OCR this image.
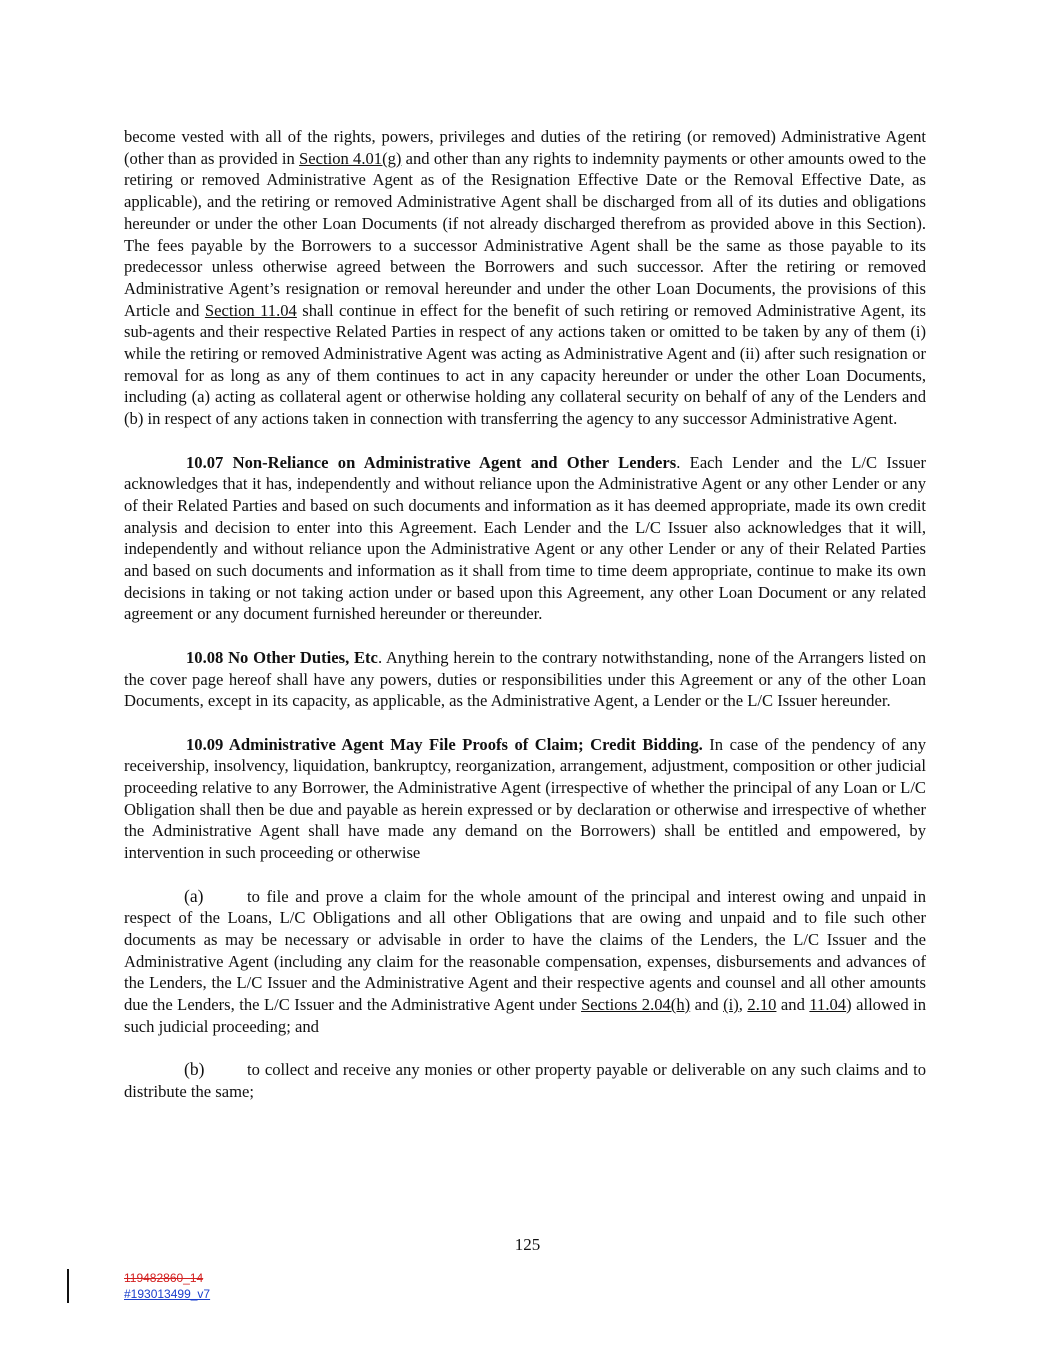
become vested with all of the rights, powers, privileges and duties of the retiring (or removed) Administrative Agent (other than as provided in Section 4.01(g) and other than any rights to indemnity payments or other amounts owed to the retiring or removed Administrative Agent as of the Resignation Effective Date or the Removal Effective Date, as applicable), and the retiring or removed Administrative Agent shall be discharged from all of its duties and obligations hereunder or under the other Loan Documents (if not already discharged therefrom as provided above in this Section). The fees payable by the Borrowers to a successor Administrative Agent shall be the same as those payable to its predecessor unless otherwise agreed between the Borrowers and such successor. After the retiring or removed Administrative Agent’s resignation or removal hereunder and under the other Loan Documents, the provisions of this Article and Section 11.04 shall continue in effect for the benefit of such retiring or removed Administrative Agent, its sub-agents and their respective Related Parties in respect of any actions taken or omitted to be taken by any of them (i) while the retiring or removed Administrative Agent was acting as Administrative Agent and (ii) after such resignation or removal for as long as any of them continues to act in any capacity hereunder or under the other Loan Documents, including (a) acting as collateral agent or otherwise holding any collateral security on behalf of any of the Lenders and (b) in respect of any actions taken in connection with transferring the agency to any successor Administrative Agent.

10.07 Non-Reliance on Administrative Agent and Other Lenders. Each Lender and the L/C Issuer acknowledges that it has, independently and without reliance upon the Administrative Agent or any other Lender or any of their Related Parties and based on such documents and information as it has deemed appropriate, made its own credit analysis and decision to enter into this Agreement. Each Lender and the L/C Issuer also acknowledges that it will, independently and without reliance upon the Administrative Agent or any other Lender or any of their Related Parties and based on such documents and information as it shall from time to time deem appropriate, continue to make its own decisions in taking or not taking action under or based upon this Agreement, any other Loan Document or any related agreement or any document furnished hereunder or thereunder.

10.08 No Other Duties, Etc. Anything herein to the contrary notwithstanding, none of the Arrangers listed on the cover page hereof shall have any powers, duties or responsibilities under this Agreement or any of the other Loan Documents, except in its capacity, as applicable, as the Administrative Agent, a Lender or the L/C Issuer hereunder.

10.09 Administrative Agent May File Proofs of Claim; Credit Bidding. In case of the pendency of any receivership, insolvency, liquidation, bankruptcy, reorganization, arrangement, adjustment, composition or other judicial proceeding relative to any Borrower, the Administrative Agent (irrespective of whether the principal of any Loan or L/C Obligation shall then be due and payable as herein expressed or by declaration or otherwise and irrespective of whether the Administrative Agent shall have made any demand on the Borrowers) shall be entitled and empowered, by intervention in such proceeding or otherwise

(a)	to file and prove a claim for the whole amount of the principal and interest owing and unpaid in respect of the Loans, L/C Obligations and all other Obligations that are owing and unpaid and to file such other documents as may be necessary or advisable in order to have the claims of the Lenders, the L/C Issuer and the Administrative Agent (including any claim for the reasonable compensation, expenses, disbursements and advances of the Lenders, the L/C Issuer and the Administrative Agent and their respective agents and counsel and all other amounts due the Lenders, the L/C Issuer and the Administrative Agent under Sections 2.04(h) and (i), 2.10 and 11.04) allowed in such judicial proceeding; and

(b)	to collect and receive any monies or other property payable or deliverable on any such claims and to distribute the same;

125
119482860_14
#193013499_v7
